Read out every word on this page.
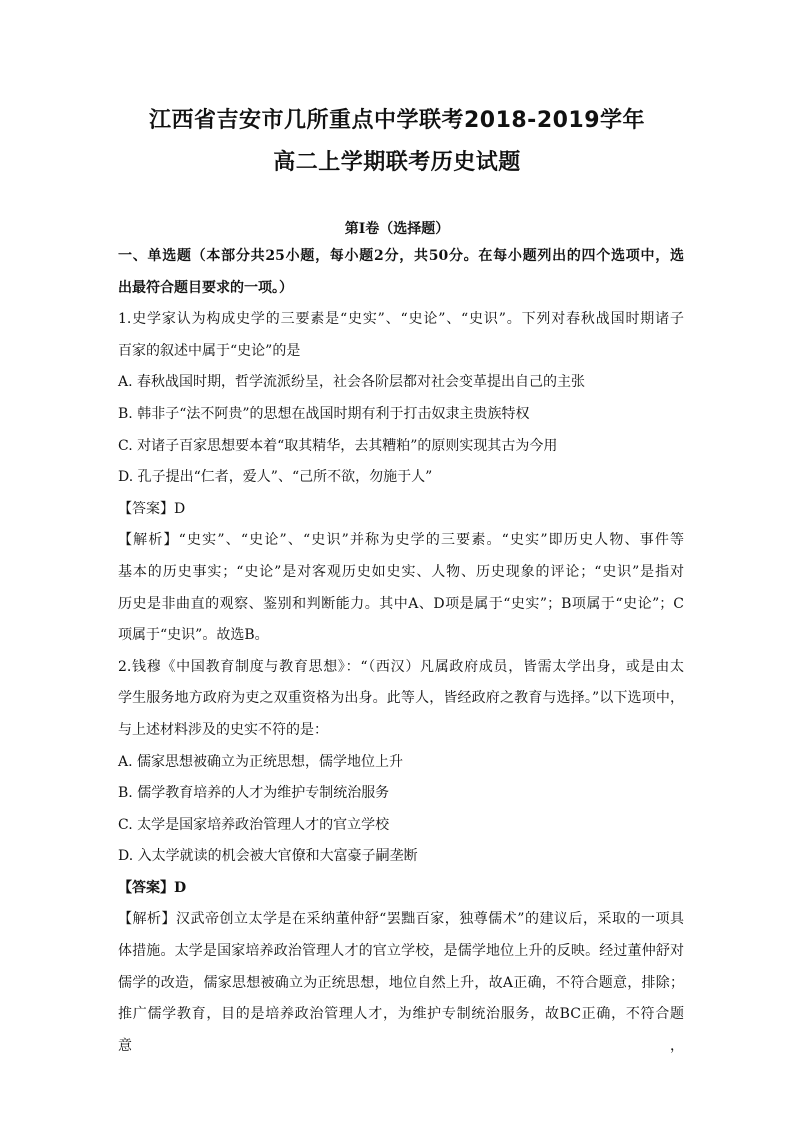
江西省吉安市几所重点中学联考2018-2019学年
高二上学期联考历史试题
第I卷（选择题）
一、单选题（本部分共25小题，每小题2分，共50分。在每小题列出的四个选项中，选
出最符合题目要求的一项。）
1.史学家认为构成史学的三要素是“史实”、“史论”、“史识”。下列对春秋战国时期诸子
百家的叙述中属于“史论”的是
A. 春秋战国时期，哲学流派纷呈，社会各阶层都对社会变革提出自己的主张
B. 韩非子“法不阿贵”的思想在战国时期有利于打击奴隶主贵族特权
C. 对诸子百家思想要本着“取其精华，去其糟粕”的原则实现其古为今用
D. 孔子提出“仁者，爱人”、“己所不欲，勿施于人”
【答案】D
【解析】“史实”、“史论”、“史识”并称为史学的三要素。“史实”即历史人物、事件等
基本的历史事实；“史论”是对客观历史如史实、人物、历史现象的评论；“史识”是指对
历史是非曲直的观察、鉴别和判断能力。其中A、D项是属于“史实”；B项属于“史论”；C
项属于“史识”。故选B。
2.钱穆《中国教育制度与教育思想》：“（西汉）凡属政府成员，皆需太学出身，或是由太
学生服务地方政府为吏之双重资格为出身。此等人，皆经政府之教育与选择。”以下选项中，
与上述材料涉及的史实不符的是：
A. 儒家思想被确立为正统思想，儒学地位上升
B. 儒学教育培养的人才为维护专制统治服务
C. 太学是国家培养政治管理人才的官立学校
D. 入太学就读的机会被大官僚和大富豪子嗣垄断
【答案】D
【解析】汉武帝创立太学是在采纳董仲舒“罢黜百家，独尊儒术”的建议后，采取的一项具
体措施。太学是国家培养政治管理人才的官立学校，是儒学地位上升的反映。经过董仲舒对
儒学的改造，儒家思想被确立为正统思想，地位自然上升，故A正确，不符合题意，排除；
推广儒学教育，目的是培养政治管理人才，为维护专制统治服务，故BC正确，不符合题意，
